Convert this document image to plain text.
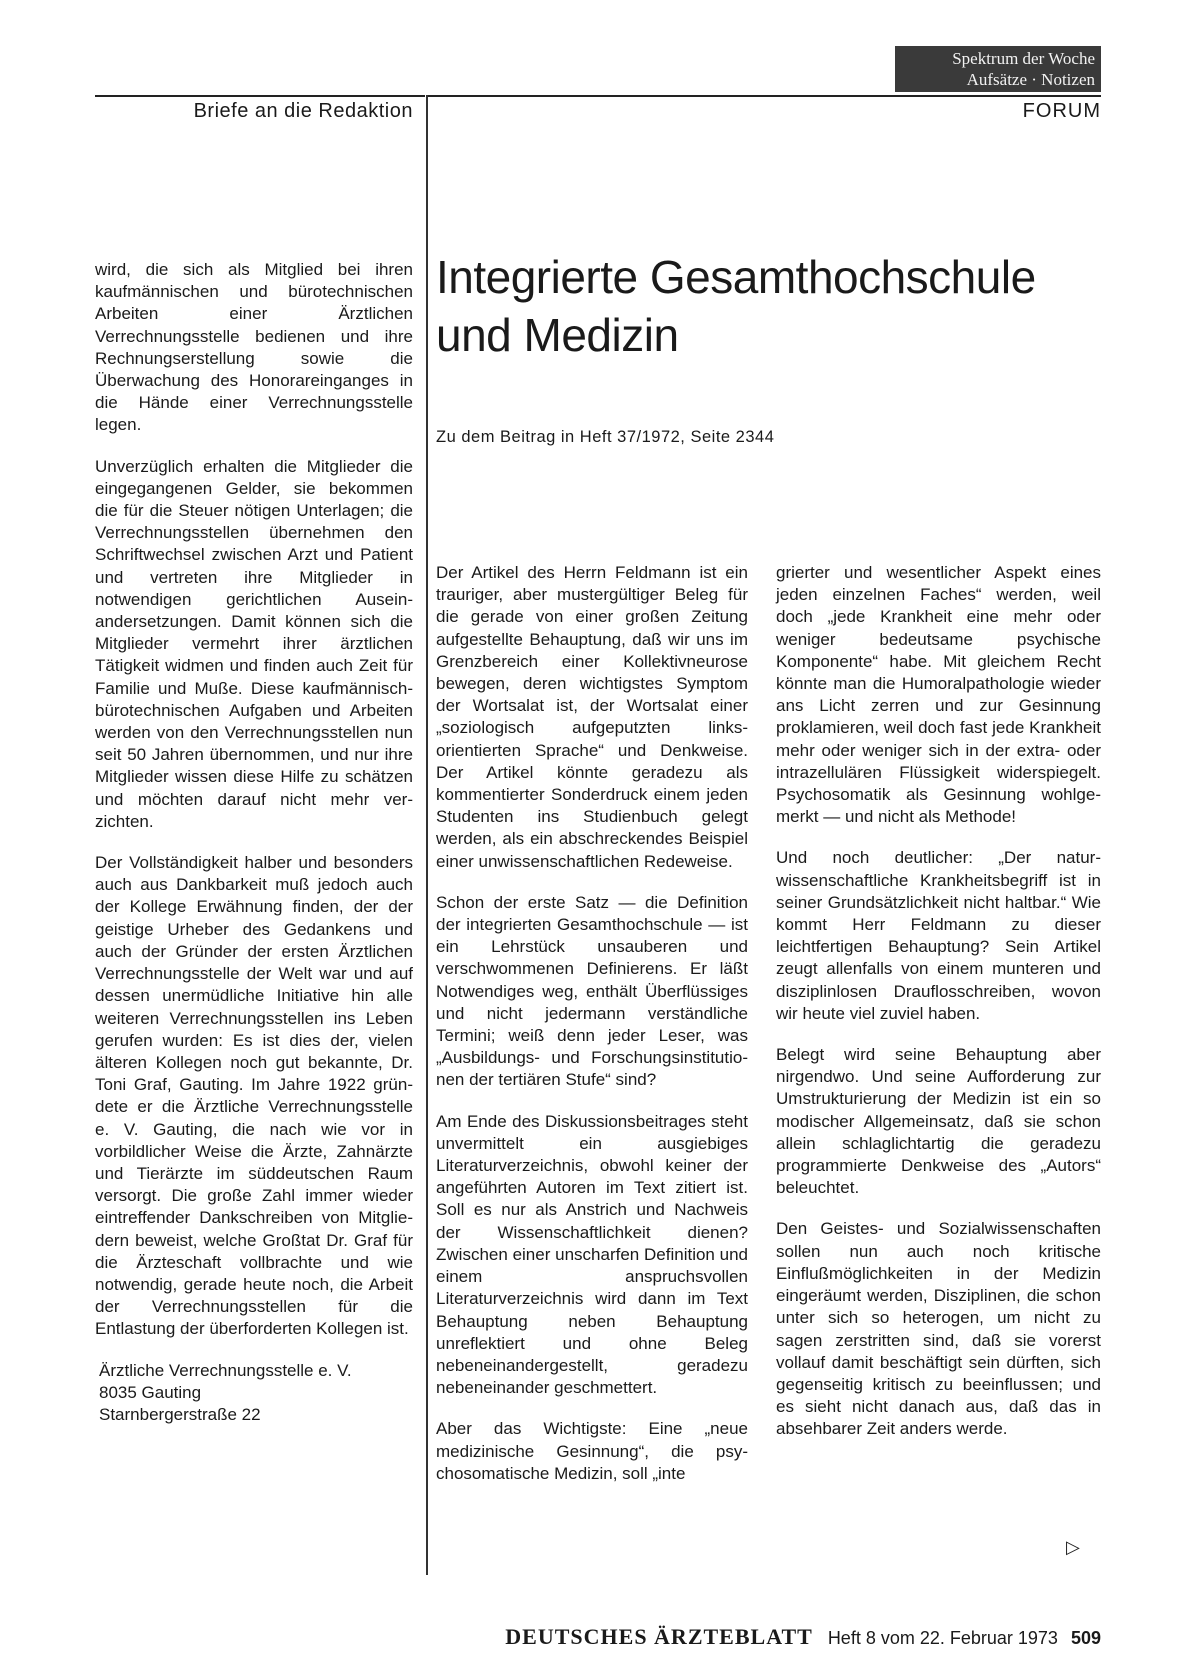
Spektrum der Woche
Aufsätze · Notizen
Briefe an die Redaktion	FORUM

wird, die sich als Mitglied bei ihren kaufmännischen und bürotechnischen Arbeiten einer Ärztlichen Verrechnungsstelle bedienen und ihre Rechnungserstellung sowie die Überwachung des Honorareinganges in die Hände einer Verrechnungsstelle legen.

Unverzüglich erhalten die Mitglieder die eingegangenen Gelder, sie bekommen die für die Steuer nötigen Unterlagen; die Verrechnungsstellen übernehmen den Schriftwechsel zwischen Arzt und Patient und vertreten ihre Mitglieder in notwendigen gerichtlichen Auseinandersetzungen. Damit können sich die Mitglieder vermehrt ihrer ärztlichen Tätigkeit widmen und finden auch Zeit für Familie und Muße. Diese kaufmännisch-bürotechnischen Aufgaben und Arbeiten werden von den Verrechnungsstellen nun seit 50 Jahren übernommen, und nur ihre Mitglieder wissen diese Hilfe zu schätzen und möchten darauf nicht mehr verzichten.

Der Vollständigkeit halber und besonders auch aus Dankbarkeit muß jedoch auch der Kollege Erwähnung finden, der der geistige Urheber des Gedankens und auch der Gründer der ersten Ärztlichen Verrechnungsstelle der Welt war und auf dessen unermüdliche Initiative hin alle weiteren Verrechnungsstellen ins Leben gerufen wurden: Es ist dies der, vielen älteren Kollegen noch gut bekannte, Dr. Toni Graf, Gauting. Im Jahre 1922 gründete er die Ärztliche Verrechnungsstelle e. V. Gauting, die nach wie vor in vorbildlicher Weise die Ärzte, Zahnärzte und Tierärzte im süddeutschen Raum versorgt. Die große Zahl immer wieder eintreffender Dankschreiben von Mitgliedern beweist, welche Großtat Dr. Graf für die Ärzteschaft vollbrachte und wie notwendig, gerade heute noch, die Arbeit der Verrechnungsstellen für die Entlastung der überforderten Kollegen ist.

Ärztliche Verrechnungsstelle e. V.
8035 Gauting
Starnbergerstraße 22
Integrierte Gesamthochschule und Medizin
Zu dem Beitrag in Heft 37/1972, Seite 2344

Der Artikel des Herrn Feldmann ist ein trauriger, aber mustergültiger Beleg für die gerade von einer großen Zeitung aufgestellte Behauptung, daß wir uns im Grenzbereich einer Kollektivneurose bewegen, deren wichtigstes Symptom der Wortsalat ist, der Wortsalat einer „soziologisch aufgeputzten linksorientierten Sprache“ und Denkweise. Der Artikel könnte geradezu als kommentierter Sonderdruck einem jeden Studenten ins Studienbuch gelegt werden, als ein abschreckendes Beispiel einer unwissenschaftlichen Redeweise.

Schon der erste Satz — die Definition der integrierten Gesamthochschule — ist ein Lehrstück unsauberen und verschwommenen Definierens. Er läßt Notwendiges weg, enthält Überflüssiges und nicht jedermann verständliche Termini; weiß denn jeder Leser, was „Ausbildungs- und Forschungsinstitutionen der tertiären Stufe“ sind?

Am Ende des Diskussionsbeitrages steht unvermittelt ein ausgiebiges Literaturverzeichnis, obwohl keiner der angeführten Autoren im Text zitiert ist. Soll es nur als Anstrich und Nachweis der Wissenschaftlichkeit dienen? Zwischen einer unscharfen Definition und einem anspruchsvollen Literaturverzeichnis wird dann im Text Behauptung neben Behauptung unreflektiert und ohne Beleg nebeneinandergestellt, geradezu nebeneinander geschmettert.

Aber das Wichtigste: Eine „neue medizinische Gesinnung“, die psychosomatische Medizin, soll „inte

grierter und wesentlicher Aspekt eines jeden einzelnen Faches“ werden, weil doch „jede Krankheit eine mehr oder weniger bedeutsame psychische Komponente“ habe. Mit gleichem Recht könnte man die Humoralpathologie wieder ans Licht zerren und zur Gesinnung proklamieren, weil doch fast jede Krankheit mehr oder weniger sich in der extra- oder intrazellulären Flüssigkeit widerspiegelt. Psychosomatik als Gesinnung wohlgemerkt — und nicht als Methode!

Und noch deutlicher: „Der naturwissenschaftliche Krankheitsbegriff ist in seiner Grundsätzlichkeit nicht haltbar.“ Wie kommt Herr Feldmann zu dieser leichtfertigen Behauptung? Sein Artikel zeugt allenfalls von einem munteren und disziplinlosen Drauflosschreiben, wovon wir heute viel zuviel haben.

Belegt wird seine Behauptung aber nirgendwo. Und seine Aufforderung zur Umstrukturierung der Medizin ist ein so modischer Allgemeinsatz, daß sie schon allein schlaglichtartig die geradezu programmierte Denkweise des „Autors“ beleuchtet.

Den Geistes- und Sozialwissenschaften sollen nun auch noch kritische Einflußmöglichkeiten in der Medizin eingeräumt werden, Disziplinen, die schon unter sich so heterogen, um nicht zu sagen zerstritten sind, daß sie vorerst vollauf damit beschäftigt sein dürften, sich gegenseitig kritisch zu beeinflussen; und es sieht nicht danach aus, daß das in absehbarer Zeit anders werde.

▷
DEUTSCHES ÄRZTEBLATT Heft 8 vom 22. Februar 1973 509
